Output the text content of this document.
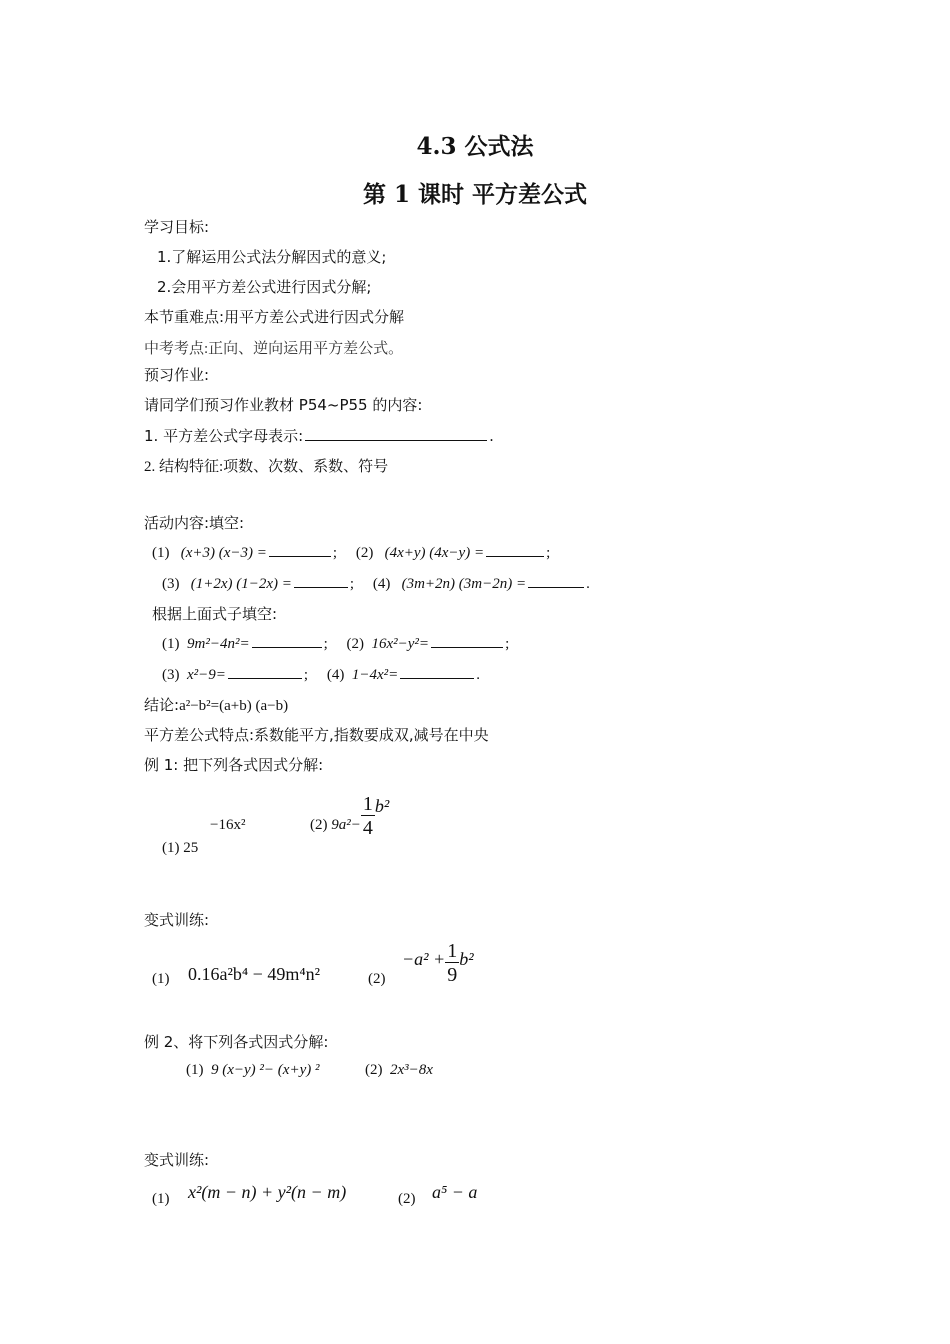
4.3 公式法
第 1 课时 平方差公式
学习目标:
1.了解运用公式法分解因式的意义;
2.会用平方差公式进行因式分解;
本节重难点:用平方差公式进行因式分解
中考考点:正向、逆向运用平方差公式。
预习作业:
请同学们预习作业教材 P54~P55 的内容:
1. 平方差公式字母表示:	.
2. 结构特征:项数、次数、系数、符号
活动内容:填空:
(1) (x+3) (x−3) =	; (2) (4x+y) (4x−y) =	;
(3) (1+2x) (1−2x) =	; (4) (3m+2n) (3m−2n) =	.
根据上面式子填空:
(1) 9m²−4n²=	; (2) 16x²−y²=	;
(3) x²−9=	; (4) 1−4x²=	.
结论:a²−b²=(a+b) (a−b)
平方差公式特点:系数能平方,指数要成双,减号在中央
例 1: 把下列各式因式分解:
−16x²
(1) 25
(2)
$9a^2- \frac{1}{4} b^2$
变式训练:
(1) 0.16a²b⁴ − 49m⁴n²	(2)
$-a^2 + \frac{1}{9} b^2$
例 2、将下列各式因式分解:
(1) 9 (x−y) ²− (x+y) ²	(2) 2x³−8x
变式训练:
(1) x²(m − n) + y²(n − m)	(2) a⁵ − a
